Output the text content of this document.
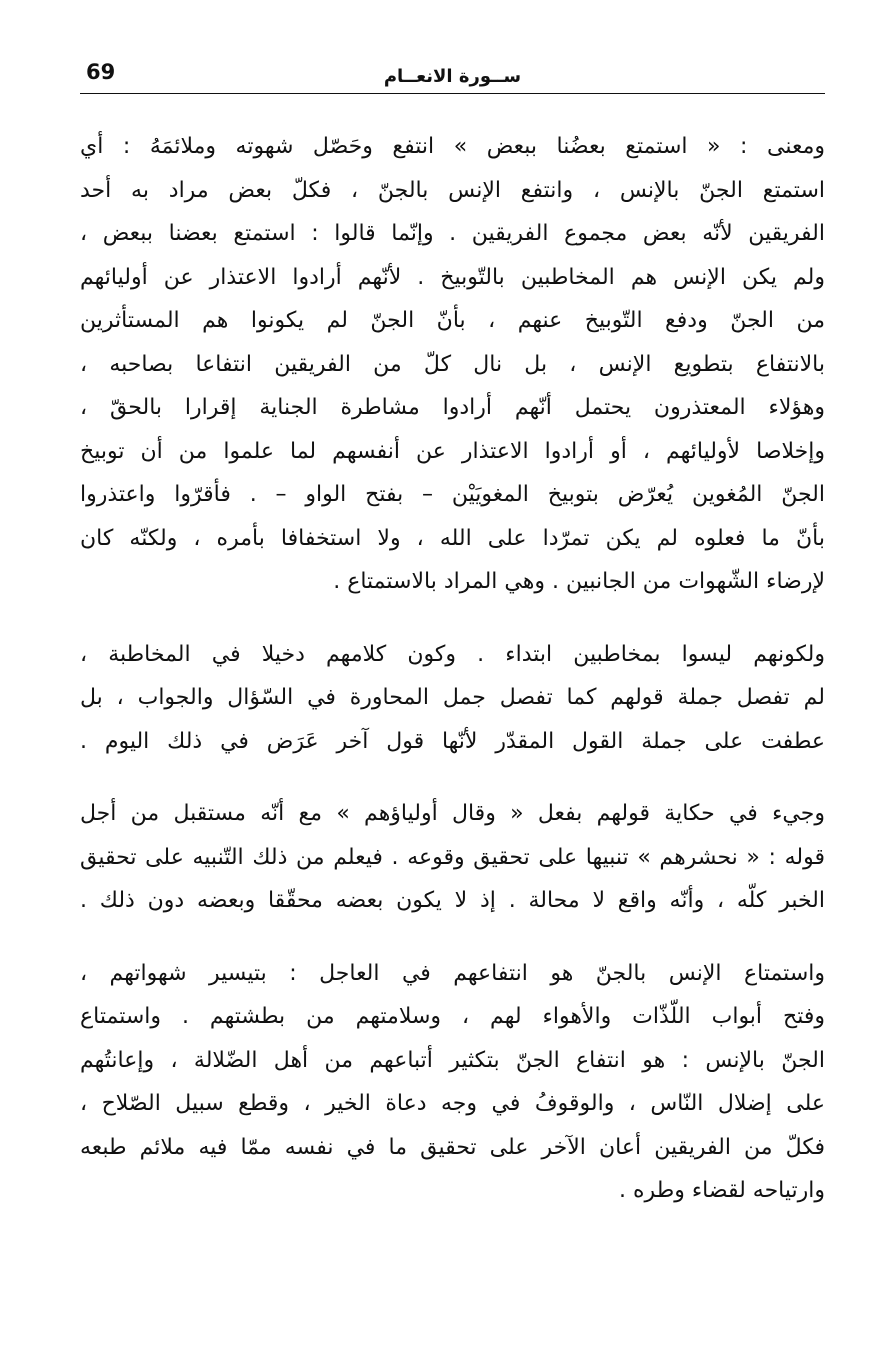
69	ســورة الانعــام
ومعنى : « استمتع بعضُنا ببعض » انتفع وحَصّل شهوته وملائمَهُ : أي
استمتع الجنّ بالإنس ، وانتفع الإنس بالجنّ ، فكلّ بعض مراد به أحد
الفريقين لأنّه بعض مجموع الفريقين . وإنّما قالوا : استمتع بعضنا ببعض ،
ولم يكن الإنس هم المخاطبين بالتّوبيخ . لأنّهم أرادوا الاعتذار عن أوليائهم
من الجنّ ودفع التّوبيخ عنهم ، بأنّ الجنّ لم يكونوا هم المستأثرين
بالانتفاع بتطويع الإنس ، بل نال كلّ من الفريقين انتفاعا بصاحبه ،
وهؤلاء المعتذرون يحتمل أنّهم أرادوا مشاطرة الجناية إقرارا بالحقّ ،
وإخلاصا لأوليائهم ، أو أرادوا الاعتذار عن أنفسهم لما علموا من أن توبيخ
الجنّ المُغوين يُعرّض بتوبيخ المغويَيْن – بفتح الواو – . فأقرّوا واعتذروا
بأنّ ما فعلوه لم يكن تمرّدا على الله ، ولا استخفافا بأمره ، ولكنّه كان
لإرضاء الشّهوات من الجانبين . وهي المراد بالاستمتاع .
ولكونهم ليسوا بمخاطبين ابتداء . وكون كلامهم دخيلا في المخاطبة ،
لم تفصل جملة قولهم كما تفصل جمل المحاورة في السّؤال والجواب ، بل
عطفت على جملة القول المقدّر لأنّها قول آخر عَرَض في ذلك اليوم .
وجيء في حكاية قولهم بفعل « وقال أولياؤهم » مع أنّه مستقبل من أجل
قوله : « نحشرهم » تنبيها على تحقيق وقوعه . فيعلم من ذلك التّنبيه على تحقيق
الخبر كلّه ، وأنّه واقع لا محالة . إذ لا يكون بعضه محقّقا وبعضه دون ذلك .
واستمتاع الإنس بالجنّ هو انتفاعهم في العاجل : بتيسير شهواتهم ،
وفتح أبواب اللّذّات والأهواء لهم ، وسلامتهم من بطشتهم . واستمتاع
الجنّ بالإنس : هو انتفاع الجنّ بتكثير أتباعهم من أهل الضّلالة ، وإعانتُهم
على إضلال النّاس ، والوقوفُ في وجه دعاة الخير ، وقطع سبيل الصّلاح ،
فكلّ من الفريقين أعان الآخر على تحقيق ما في نفسه ممّا فيه ملائم طبعه
وارتياحه لقضاء وطره .
